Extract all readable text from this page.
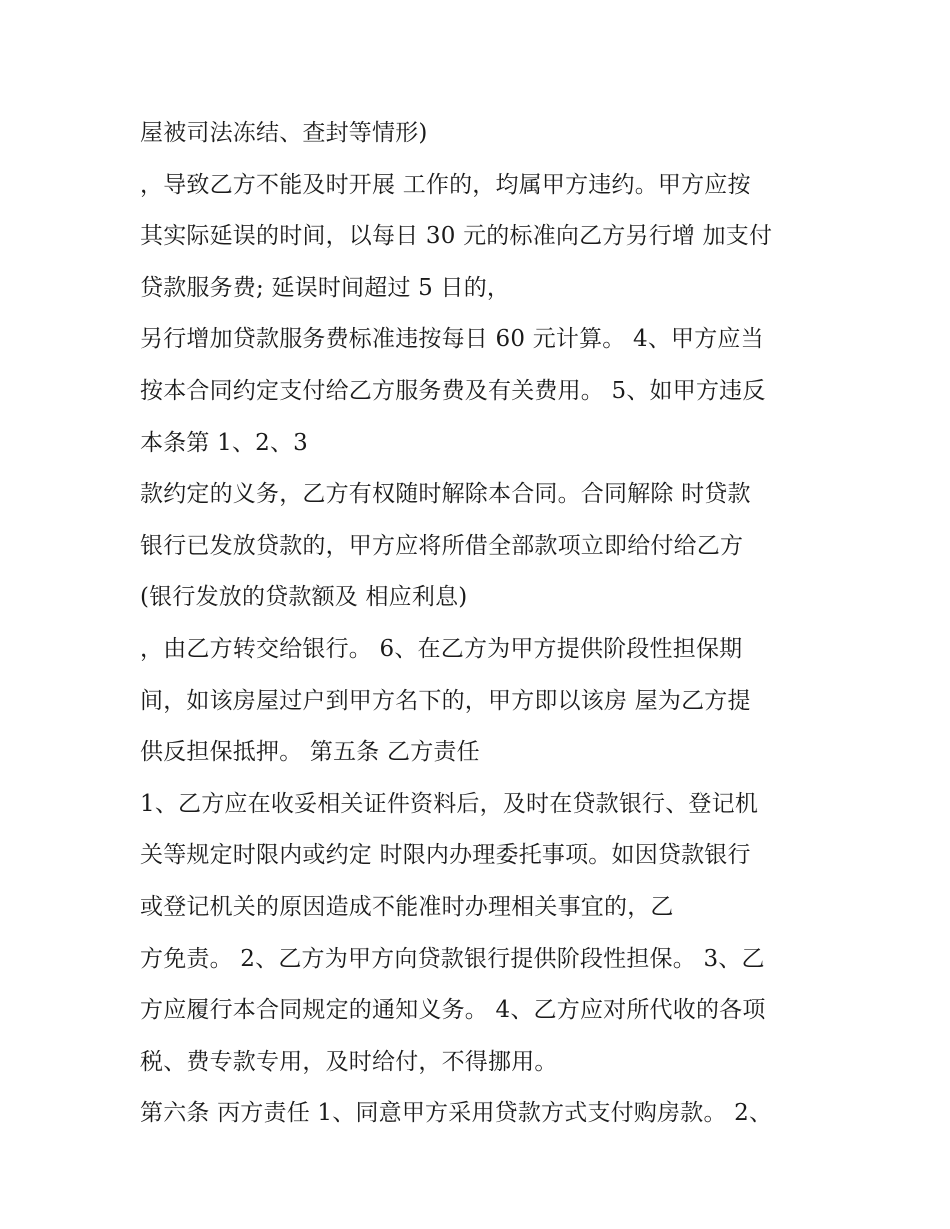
屋被司法冻结、查封等情形)
，导致乙方不能及时开展 工作的，均属甲方违约。甲方应按
其实际延误的时间，以每日 30 元的标准向乙方另行增 加支付
贷款服务费; 延误时间超过 5 日的，
另行增加贷款服务费标准违按每日 60 元计算。 4、甲方应当
按本合同约定支付给乙方服务费及有关费用。 5、如甲方违反
本条第 1、2、3
款约定的义务，乙方有权随时解除本合同。合同解除 时贷款
银行已发放贷款的，甲方应将所借全部款项立即给付给乙方
(银行发放的贷款额及 相应利息)
，由乙方转交给银行。 6、在乙方为甲方提供阶段性担保期
间，如该房屋过户到甲方名下的，甲方即以该房 屋为乙方提
供反担保抵押。 第五条 乙方责任
1、乙方应在收妥相关证件资料后，及时在贷款银行、登记机
关等规定时限内或约定 时限内办理委托事项。如因贷款银行
或登记机关的原因造成不能准时办理相关事宜的，乙
方免责。 2、乙方为甲方向贷款银行提供阶段性担保。 3、乙
方应履行本合同规定的通知义务。 4、乙方应对所代收的各项
税、费专款专用，及时给付，不得挪用。
第六条 丙方责任 1、同意甲方采用贷款方式支付购房款。 2、
